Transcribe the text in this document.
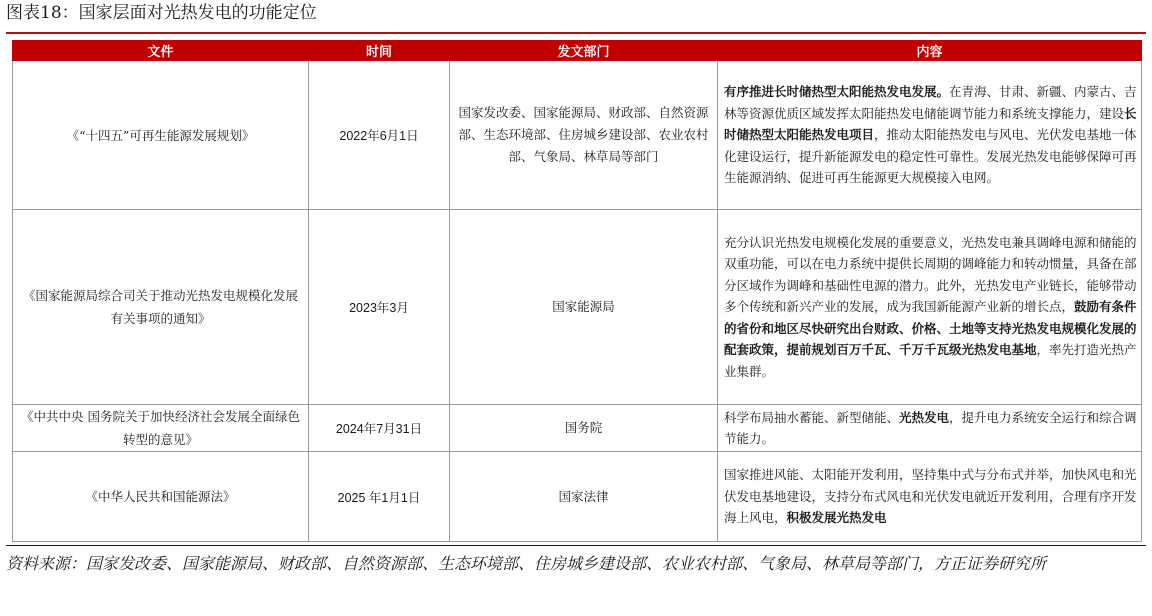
图表18：国家层面对光热发电的功能定位
文件	时间	发文部门	内容
《“十四五”可再生能源发展规划》	2022年6月1日	国家发改委、国家能源局、财政部、自然资源部、生态环境部、住房城乡建设部、农业农村部、气象局、林草局等部门	有序推进长时储热型太阳能热发电发展。在青海、甘肃、新疆、内蒙古、吉林等资源优质区域发挥太阳能热发电储能调节能力和系统支撑能力，建设长时储热型太阳能热发电项目，推动太阳能热发电与风电、光伏发电基地一体化建设运行，提升新能源发电的稳定性可靠性。发展光热发电能够保障可再生能源消纳、促进可再生能源更大规模接入电网。
《国家能源局综合司关于推动光热发电规模化发展有关事项的通知》	2023年3月	国家能源局	充分认识光热发电规模化发展的重要意义，光热发电兼具调峰电源和储能的双重功能，可以在电力系统中提供长周期的调峰能力和转动惯量，具备在部分区域作为调峰和基础性电源的潜力。此外，光热发电产业链长，能够带动多个传统和新兴产业的发展，成为我国新能源产业新的增长点，鼓励有条件的省份和地区尽快研究出台财政、价格、土地等支持光热发电规模化发展的配套政策，提前规划百万千瓦、千万千瓦级光热发电基地，率先打造光热产业集群。
《中共中央 国务院关于加快经济社会发展全面绿色转型的意见》	2024年7月31日	国务院	科学布局抽水蓄能、新型储能、光热发电，提升电力系统安全运行和综合调节能力。
《中华人民共和国能源法》	2025 年1月1日	国家法律	国家推进风能、太阳能开发利用，坚持集中式与分布式并举，加快风电和光伏发电基地建设，支持分布式风电和光伏发电就近开发利用，合理有序开发海上风电，积极发展光热发电
资料来源：国家发改委、国家能源局、财政部、自然资源部、生态环境部、住房城乡建设部、农业农村部、气象局、林草局等部门，方正证券研究所
